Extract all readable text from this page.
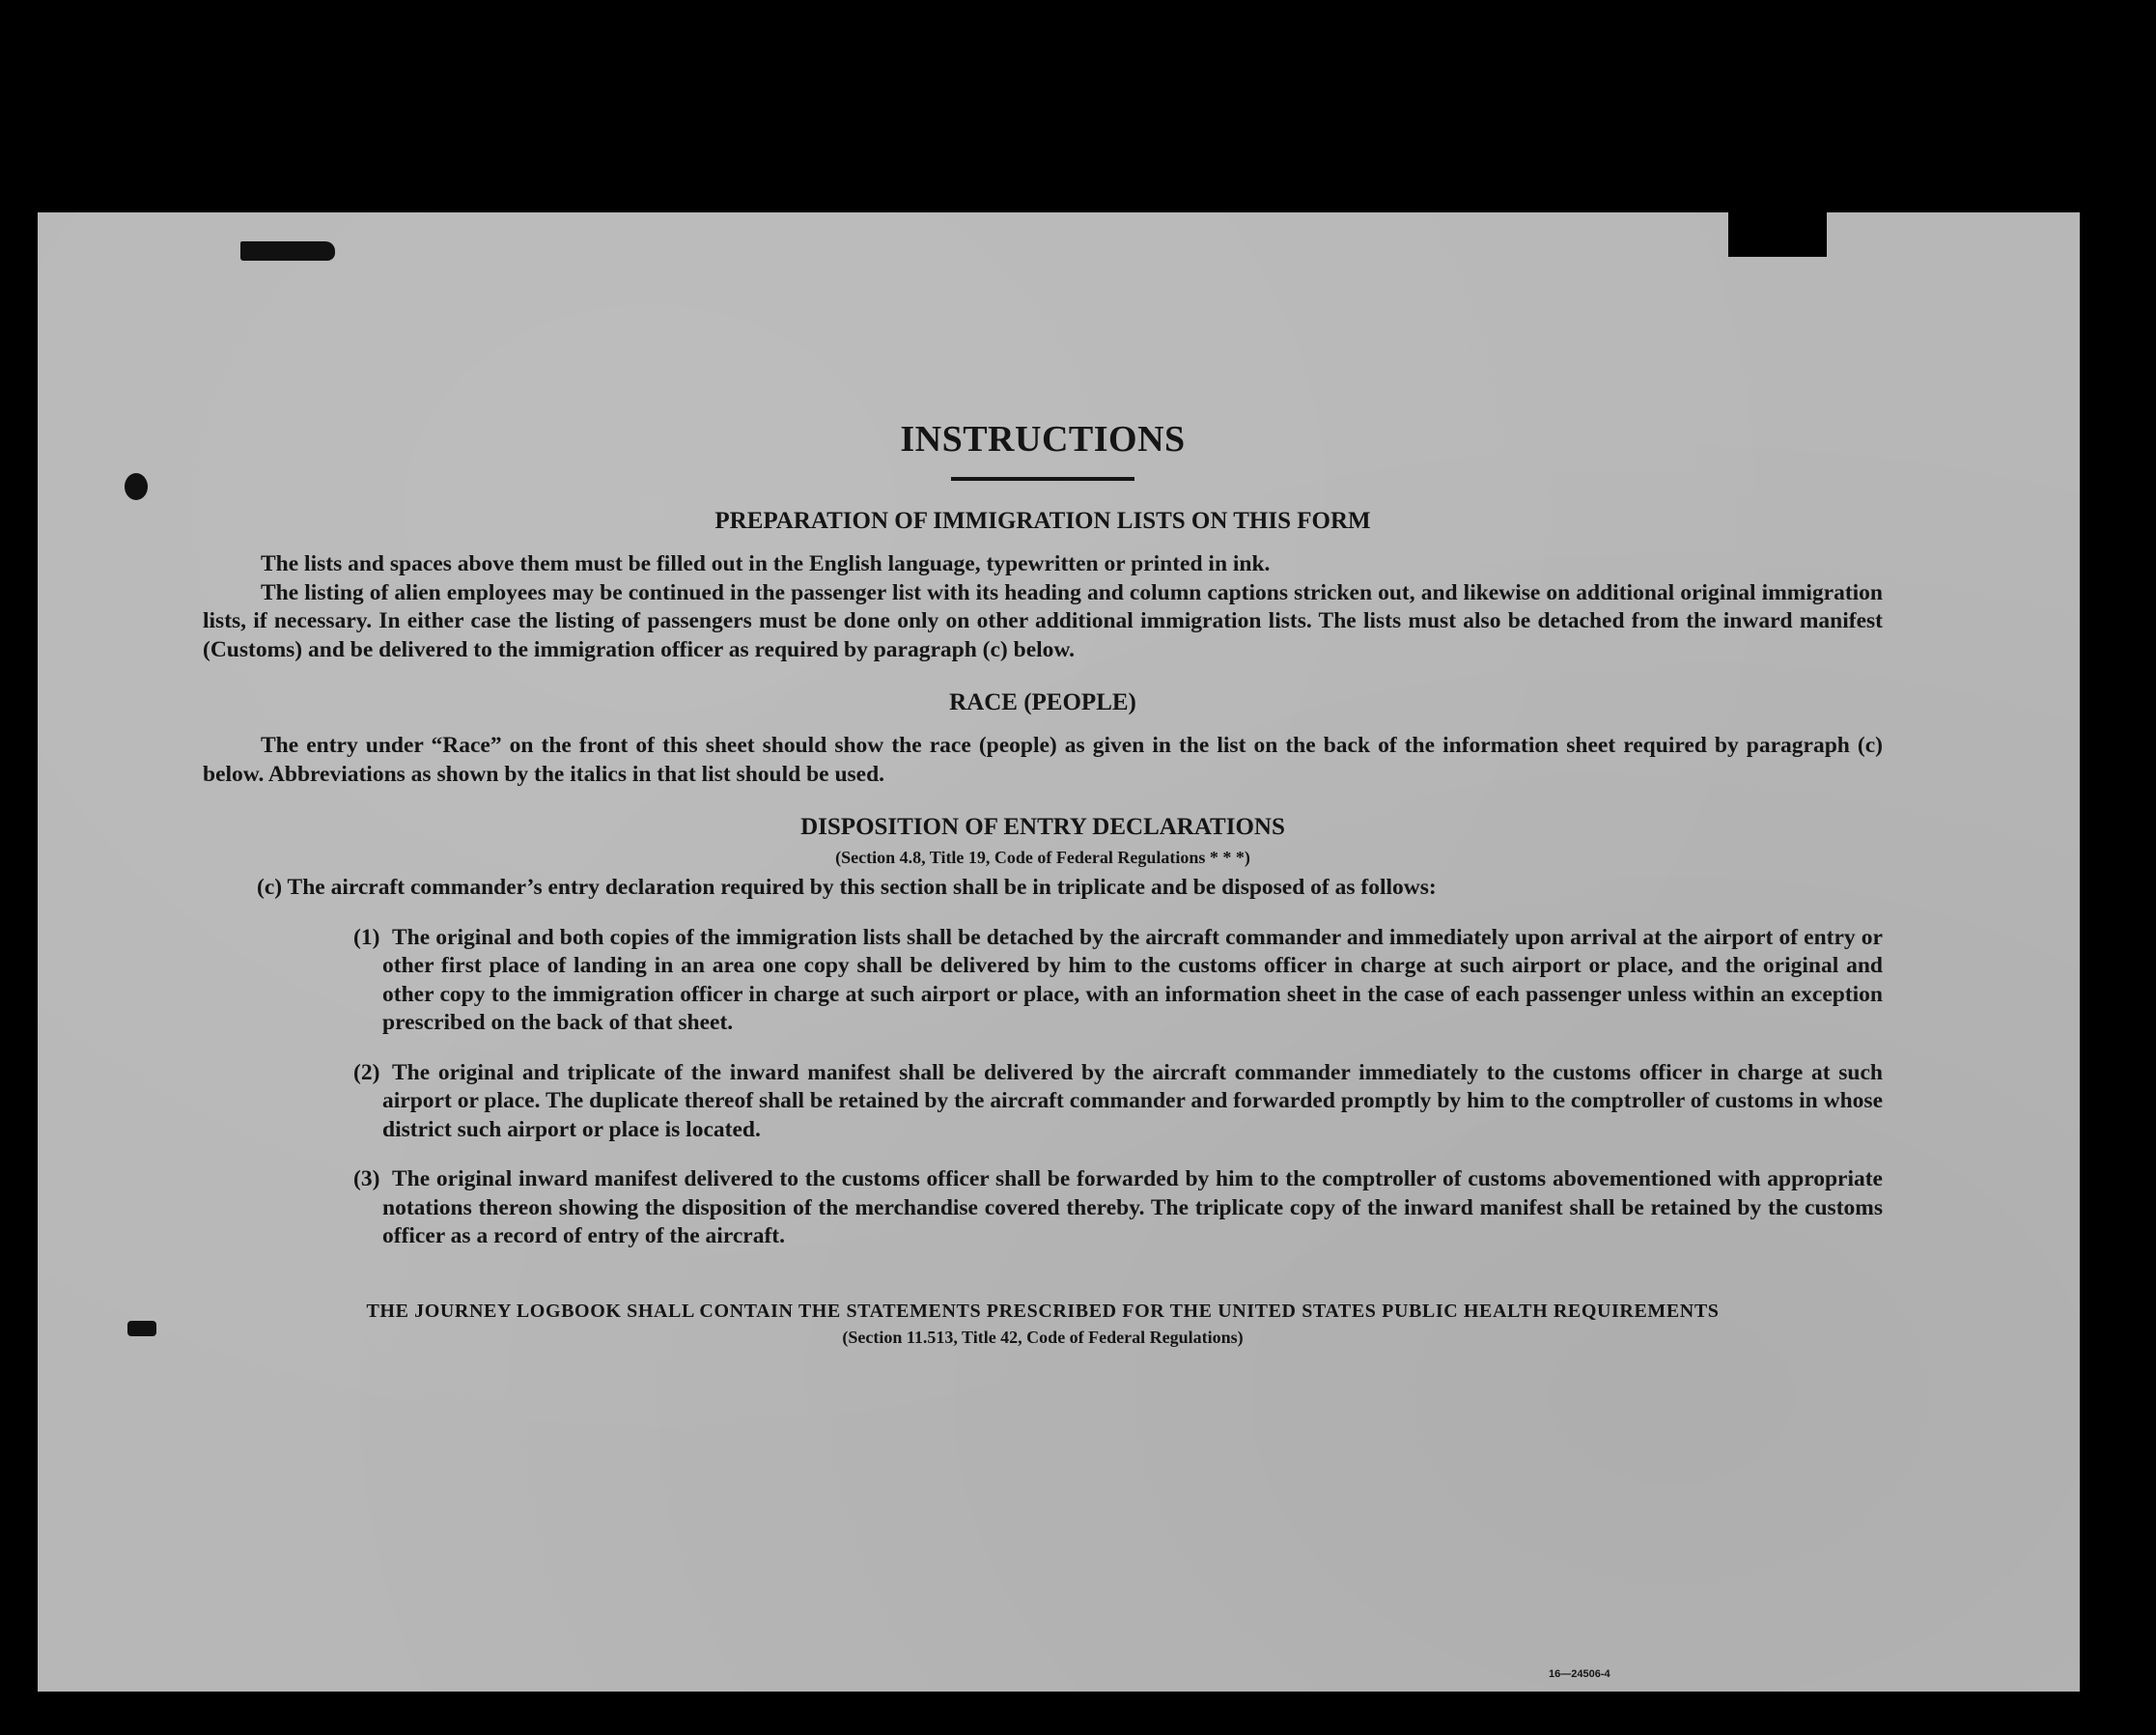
16—24506-4
INSTRUCTIONS
PREPARATION OF IMMIGRATION LISTS ON THIS FORM

The lists and spaces above them must be filled out in the English language, typewritten or printed in ink.

The listing of alien employees may be continued in the passenger list with its heading and column captions stricken out, and likewise on additional original immigration lists, if necessary. In either case the listing of passengers must be done only on other additional immigration lists. The lists must also be detached from the inward manifest (Customs) and be delivered to the immigration officer as required by paragraph (c) below.

RACE (PEOPLE)

The entry under “Race” on the front of this sheet should show the race (people) as given in the list on the back of the information sheet required by paragraph (c) below. Abbreviations as shown by the italics in that list should be used.

DISPOSITION OF ENTRY DECLARATIONS
(Section 4.8, Title 19, Code of Federal Regulations * * *)

(c) The aircraft commander’s entry declaration required by this section shall be in triplicate and be disposed of as follows:

(1) The original and both copies of the immigration lists shall be detached by the aircraft commander and immediately upon arrival at the airport of entry or other first place of landing in an area one copy shall be delivered by him to the customs officer in charge at such airport or place, and the original and other copy to the immigration officer in charge at such airport or place, with an information sheet in the case of each passenger unless within an exception prescribed on the back of that sheet.
(2) The original and triplicate of the inward manifest shall be delivered by the aircraft commander immediately to the customs officer in charge at such airport or place. The duplicate thereof shall be retained by the aircraft commander and forwarded promptly by him to the comptroller of customs in whose district such airport or place is located.
(3) The original inward manifest delivered to the customs officer shall be forwarded by him to the comptroller of customs abovementioned with appropriate notations thereon showing the disposition of the merchandise covered thereby. The triplicate copy of the inward manifest shall be retained by the customs officer as a record of entry of the aircraft.
THE JOURNEY LOGBOOK SHALL CONTAIN THE STATEMENTS PRESCRIBED FOR THE UNITED STATES PUBLIC HEALTH REQUIREMENTS
(Section 11.513, Title 42, Code of Federal Regulations)
